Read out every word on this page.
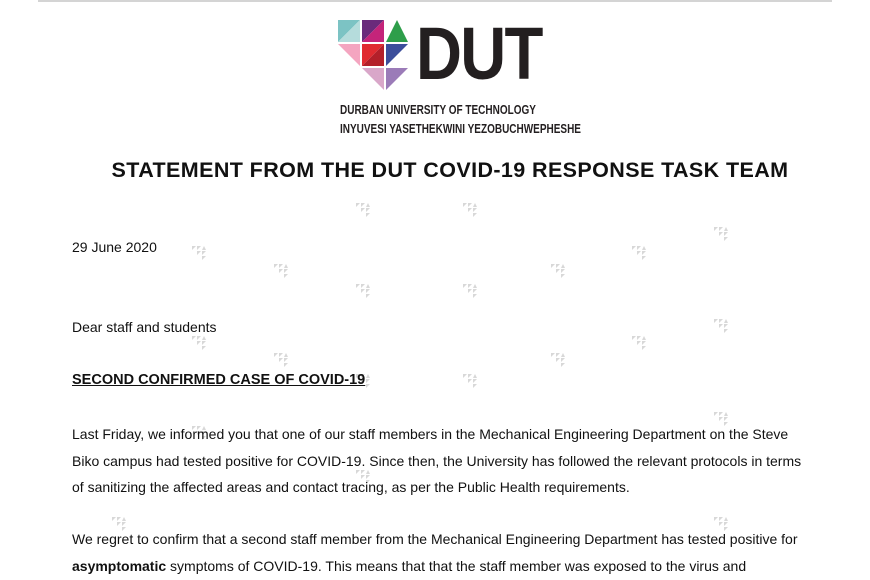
DUT
DURBAN UNIVERSITY OF TECHNOLOGY
INYUVESI YASETHEKWINI YEZOBUCHWEPHESHE
STATEMENT FROM THE DUT COVID-19 RESPONSE TASK TEAM
29 June 2020
Dear staff and students
SECOND CONFIRMED CASE OF COVID-19
Last Friday, we informed you that one of our staff members in the Mechanical Engineering Department on the Steve Biko campus had tested positive for COVID-19. Since then, the University has followed the relevant protocols in terms of sanitizing the affected areas and contact tracing, as per the Public Health requirements.
We regret to confirm that a second staff member from the Mechanical Engineering Department has tested positive for asymptomatic symptoms of COVID-19. This means that that the staff member was exposed to the virus and
